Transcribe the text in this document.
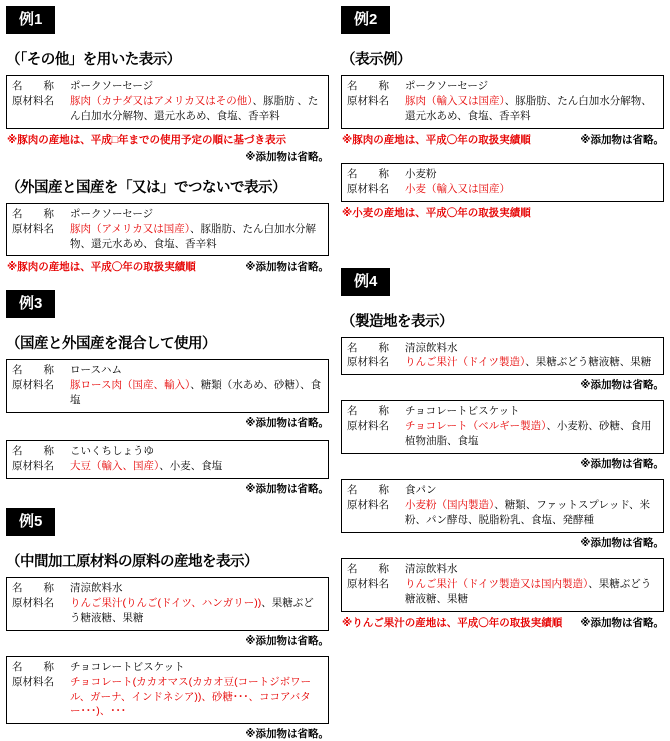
例1
（「その他」を用いた表示）
名　　称	ポークソーセージ
原材料名	豚肉（カナダ又はアメリカ又はその他）、豚脂肪 、たん白加水分解物、還元水あめ、食塩、香辛料
※豚肉の産地は、平成□年までの使用予定の順に基づき表示
※添加物は省略。
（外国産と国産を「又は」でつないで表示）
名　　称	ポークソーセージ
原材料名	豚肉（アメリカ又は国産）、豚脂肪、たん白加水分解物、還元水あめ、食塩、香辛料
※豚肉の産地は、平成〇年の取扱実績順	※添加物は省略。
例3
（国産と外国産を混合して使用）
名　　称	ロースハム
原材料名	豚ロース肉（国産、輸入）、糖類（水あめ、砂糖）、食塩
※添加物は省略。
名　　称	こいくちしょうゆ
原材料名	大豆（輸入、国産）、小麦、食塩
※添加物は省略。
例5
（中間加工原材料の原料の産地を表示）
名　　称	清涼飲料水
原材料名	りんご果汁(りんご(ドイツ、ハンガリー))、果糖ぶどう糖液糖、果糖
※添加物は省略。
名　　称	チョコレートビスケット
原材料名	チョコレート(カカオマス(カカオ豆(コートジボワール、ガーナ、インドネシア))、砂糖･･･、ココアバター･･･)、･･･
※添加物は省略。
例2
（表示例）
名　　称	ポークソーセージ
原材料名	豚肉（輸入又は国産）、豚脂肪、たん白加水分解物、還元水あめ、食塩、香辛料
※豚肉の産地は、平成〇年の取扱実績順	※添加物は省略。
名　　称	小麦粉
原材料名	小麦（輸入又は国産）
※小麦の産地は、平成〇年の取扱実績順
例4
（製造地を表示）
名　　称	清涼飲料水
原材料名	りんご果汁（ドイツ製造）、果糖ぶどう糖液糖、果糖
※添加物は省略。
名　　称	チョコレートビスケット
原材料名	チョコレート（ベルギー製造）、小麦粉、砂糖、食用植物油脂、食塩
※添加物は省略。
名　　称	食パン
原材料名	小麦粉（国内製造）、糖類、ファットスプレッド、米粉、パン酵母、脱脂粉乳、食塩、発酵種
※添加物は省略。
名　　称	清涼飲料水
原材料名	りんご果汁（ドイツ製造又は国内製造）、果糖ぶどう糖液糖、果糖
※りんご果汁の産地は、平成〇年の取扱実績順 ※添加物は省略。
